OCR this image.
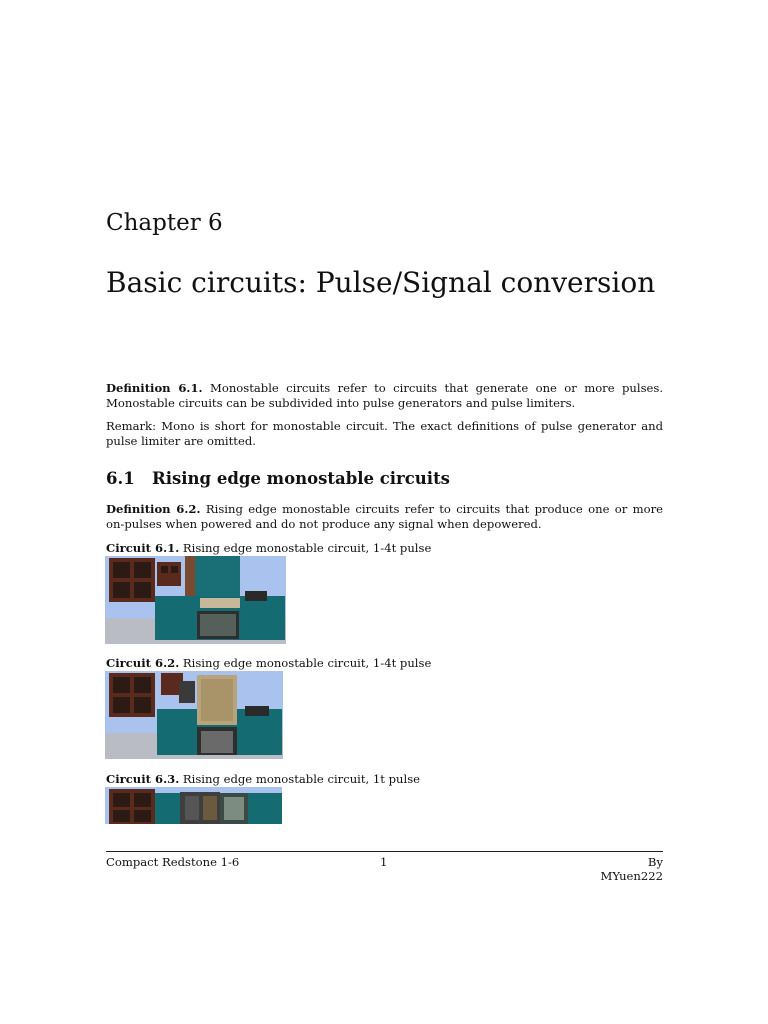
Chapter 6
Basic circuits: Pulse/Signal conversion
Definition 6.1. Monostable circuits refer to circuits that generate one or more pulses. Monostable circuits can be subdivided into pulse generators and pulse limiters.
Remark: Mono is short for monostable circuit. The exact definitions of pulse generator and pulse limiter are omitted.
6.1 Rising edge monostable circuits
Definition 6.2. Rising edge monostable circuits refer to circuits that produce one or more on-pulses when powered and do not produce any signal when depowered.
Circuit 6.1. Rising edge monostable circuit, 1-4t pulse
Circuit 6.2. Rising edge monostable circuit, 1-4t pulse
Circuit 6.3. Rising edge monostable circuit, 1t pulse
Compact Redstone 1-6	1	By MYuen222
